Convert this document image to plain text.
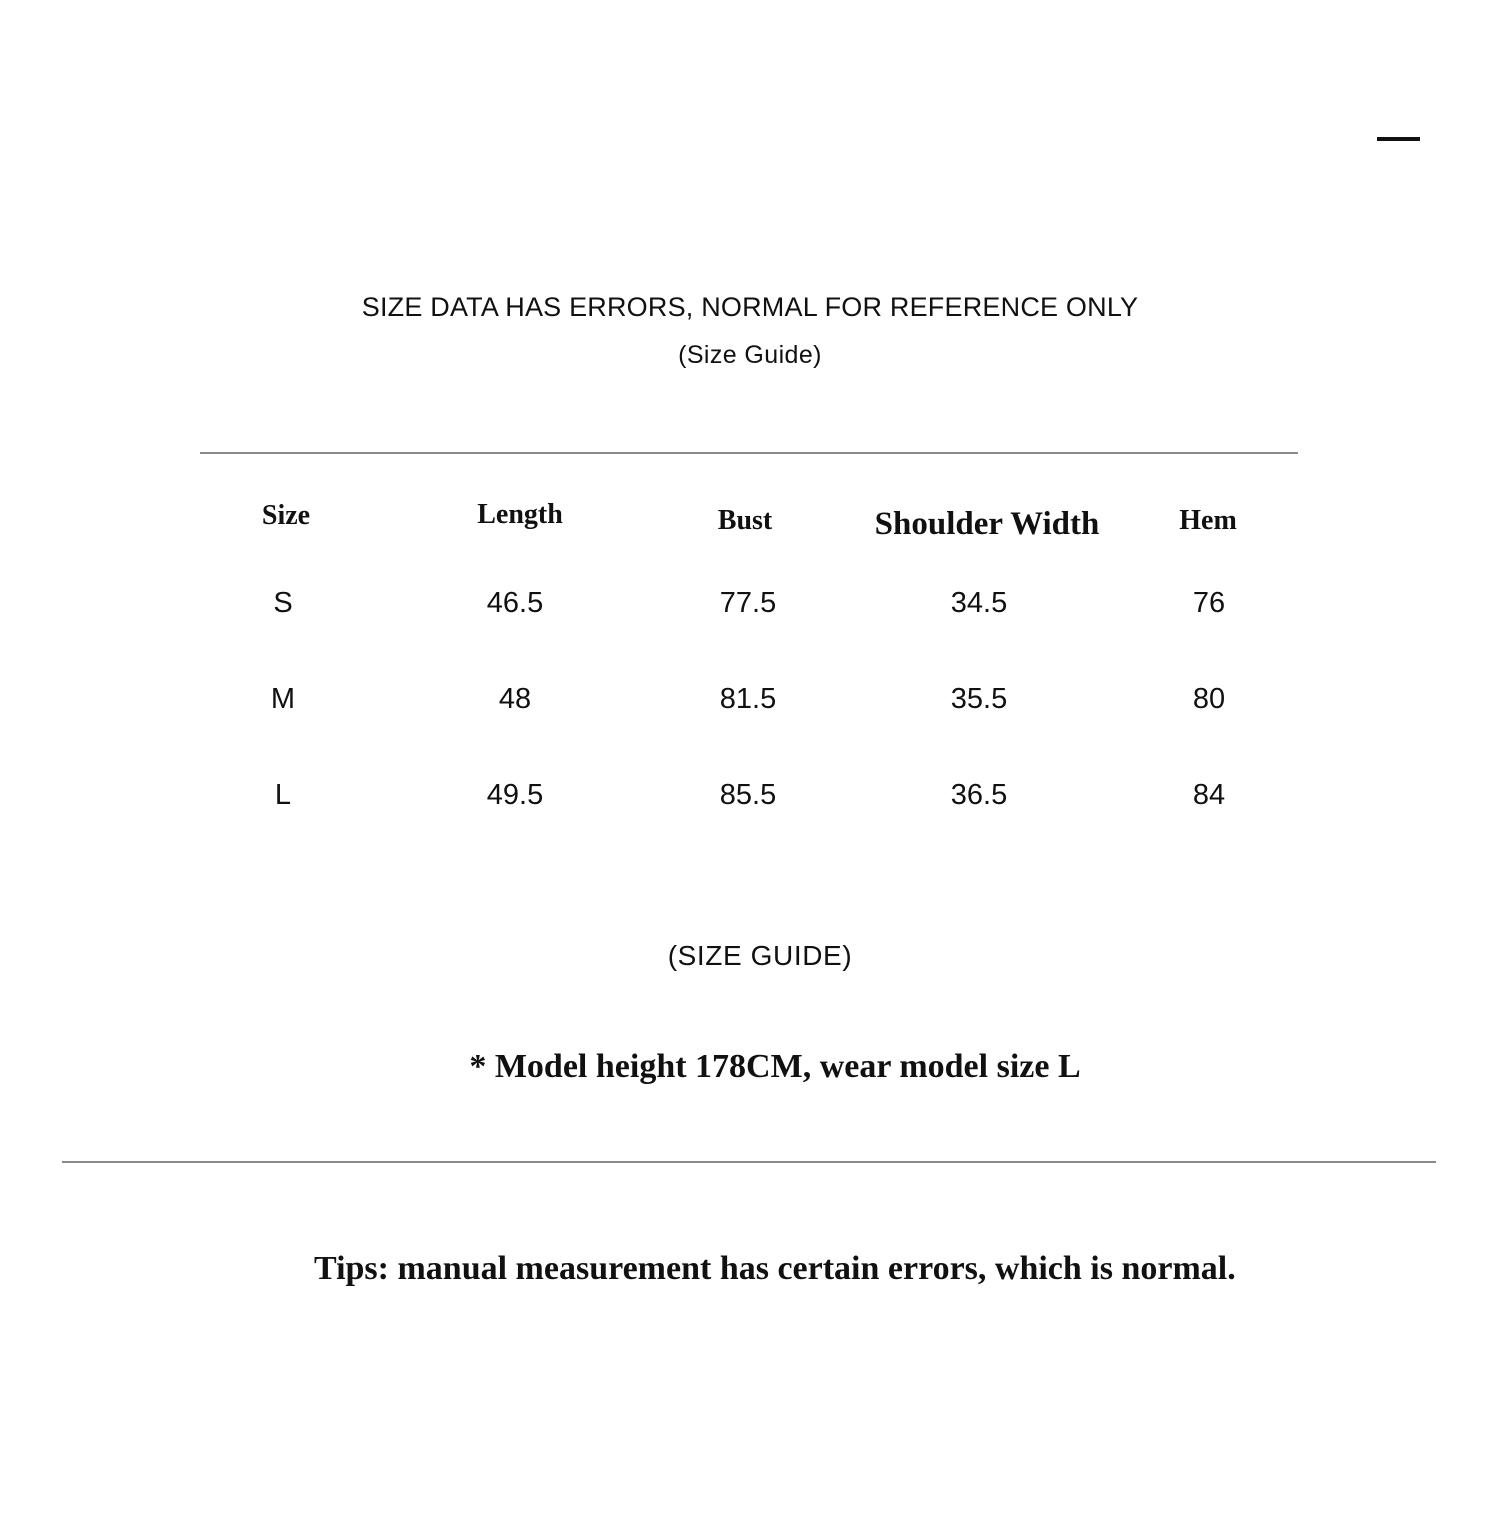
SIZE DATA HAS ERRORS, NORMAL FOR REFERENCE ONLY
(Size Guide)
Size	Length	Bust	Shoulder Width	Hem
S	46.5	77.5	34.5	76
M	48	81.5	35.5	80
L	49.5	85.5	36.5	84
(SIZE GUIDE)
* Model height 178CM, wear model size L
Tips: manual measurement has certain errors, which is normal.
